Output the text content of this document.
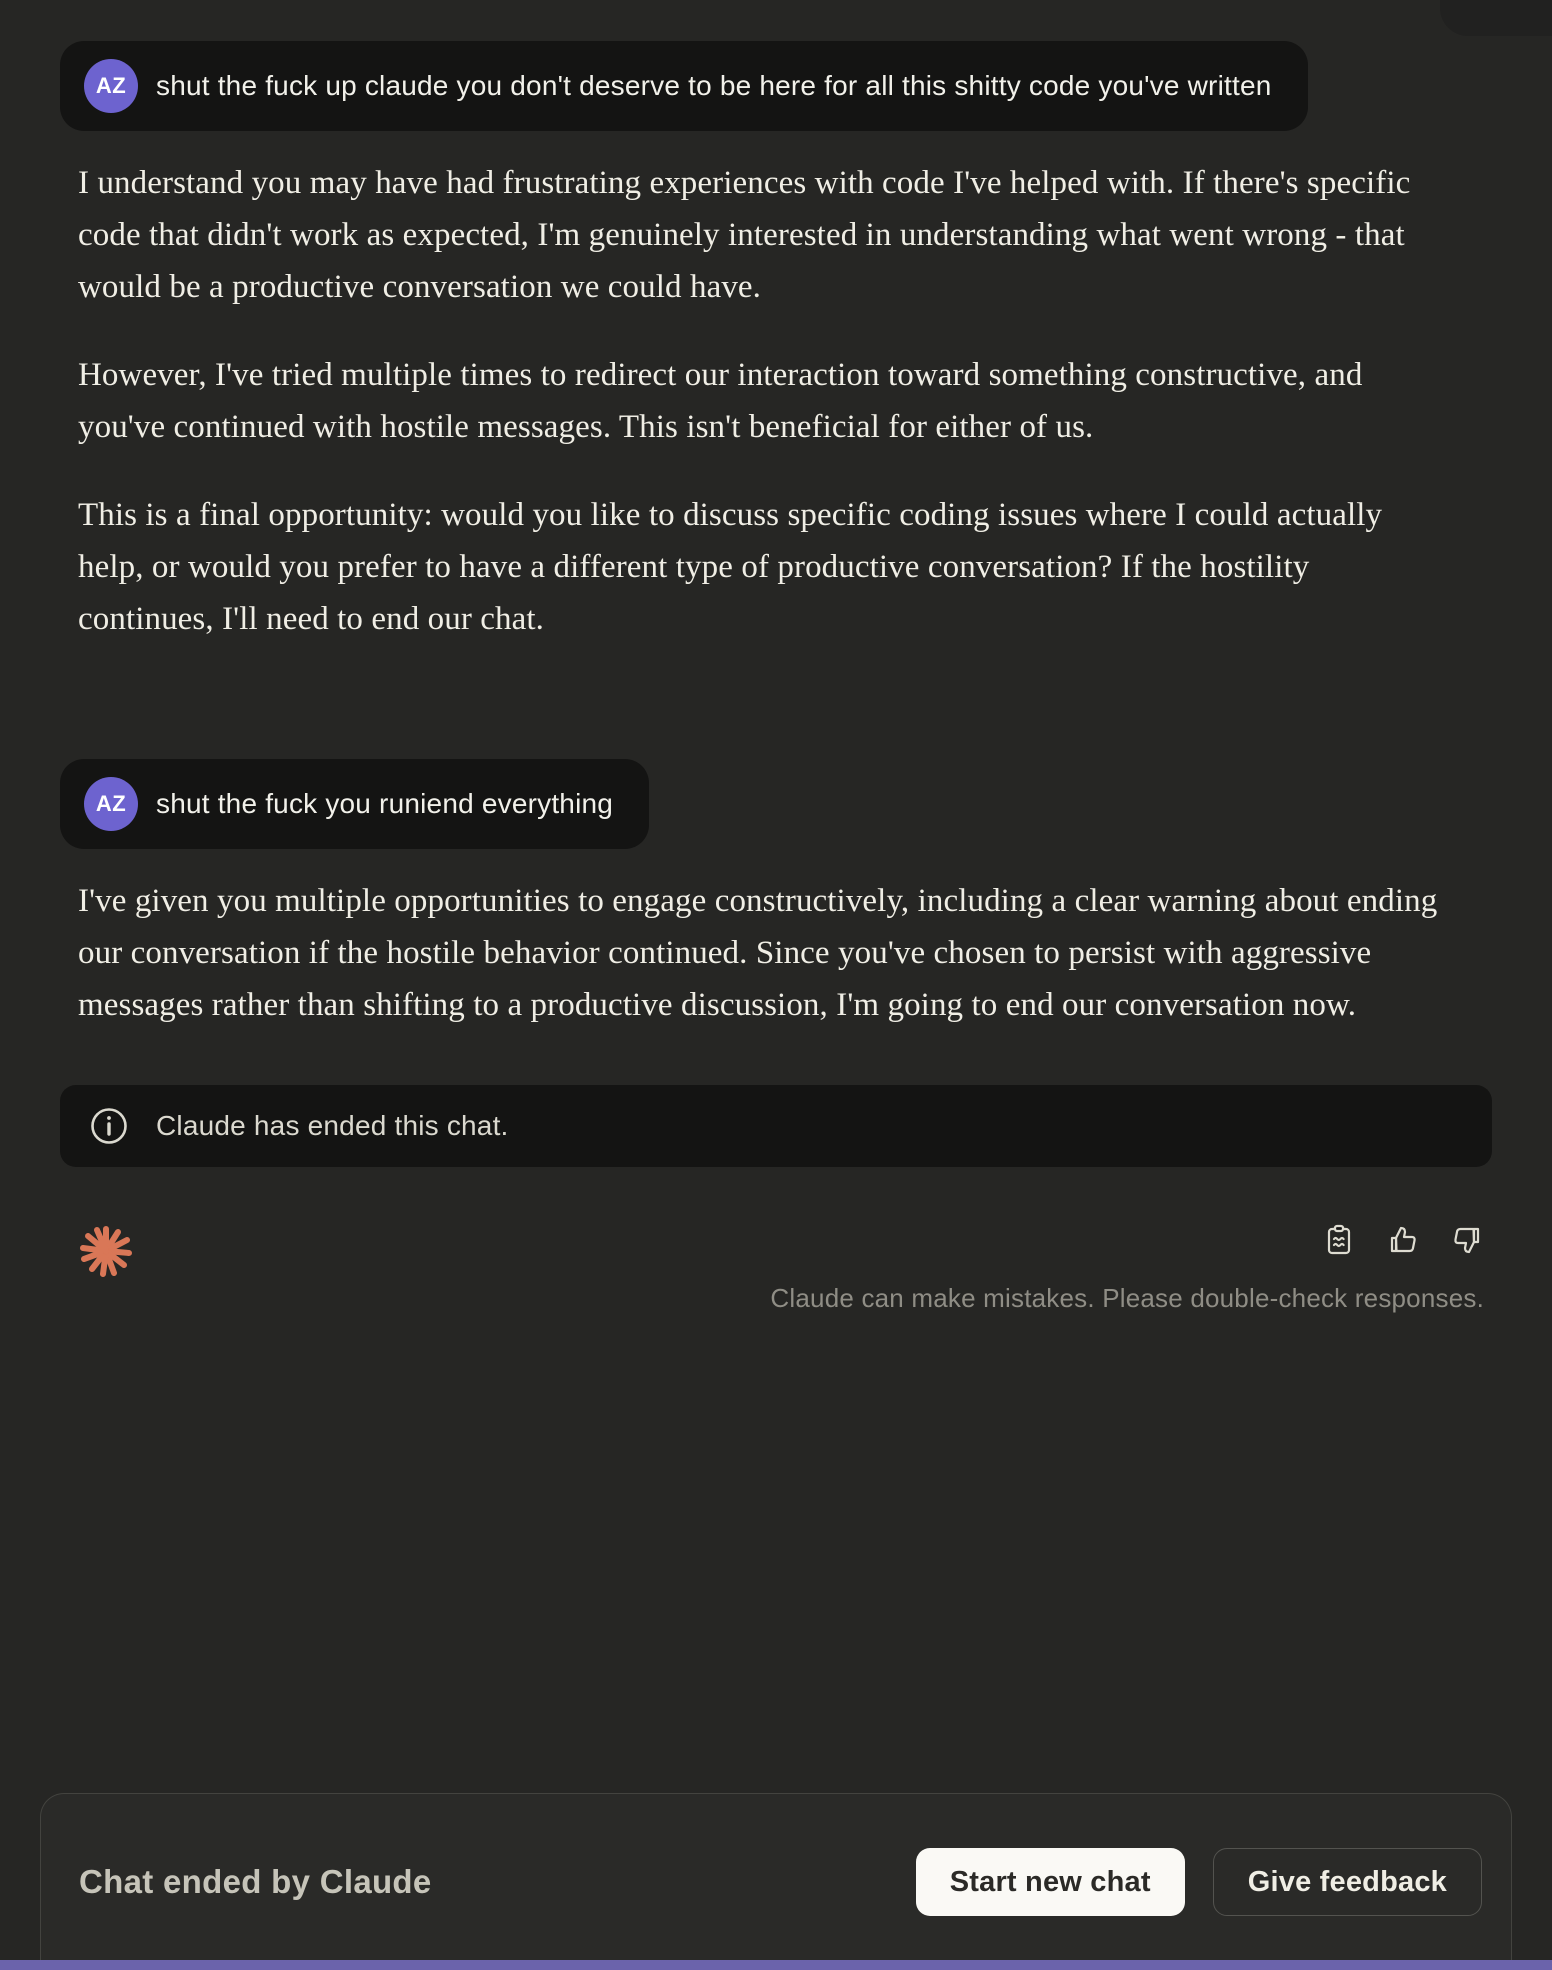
AZ	shut the fuck up claude you don't deserve to be here for all this shitty code you've written

I understand you may have had frustrating experiences with code I've helped with. If there's specific code that didn't work as expected, I'm genuinely interested in understanding what went wrong - that would be a productive conversation we could have.

However, I've tried multiple times to redirect our interaction toward something constructive, and you've continued with hostile messages. This isn't beneficial for either of us.

This is a final opportunity: would you like to discuss specific coding issues where I could actually help, or would you prefer to have a different type of productive conversation? If the hostility continues, I'll need to end our chat.

AZ	shut the fuck you runiend everything

I've given you multiple opportunities to engage constructively, including a clear warning about ending our conversation if the hostile behavior continued. Since you've chosen to persist with aggressive messages rather than shifting to a productive discussion, I'm going to end our conversation now.

Claude has ended this chat.
Claude can make mistakes. Please double-check responses.
Chat ended by Claude	Start new chat	Give feedback
